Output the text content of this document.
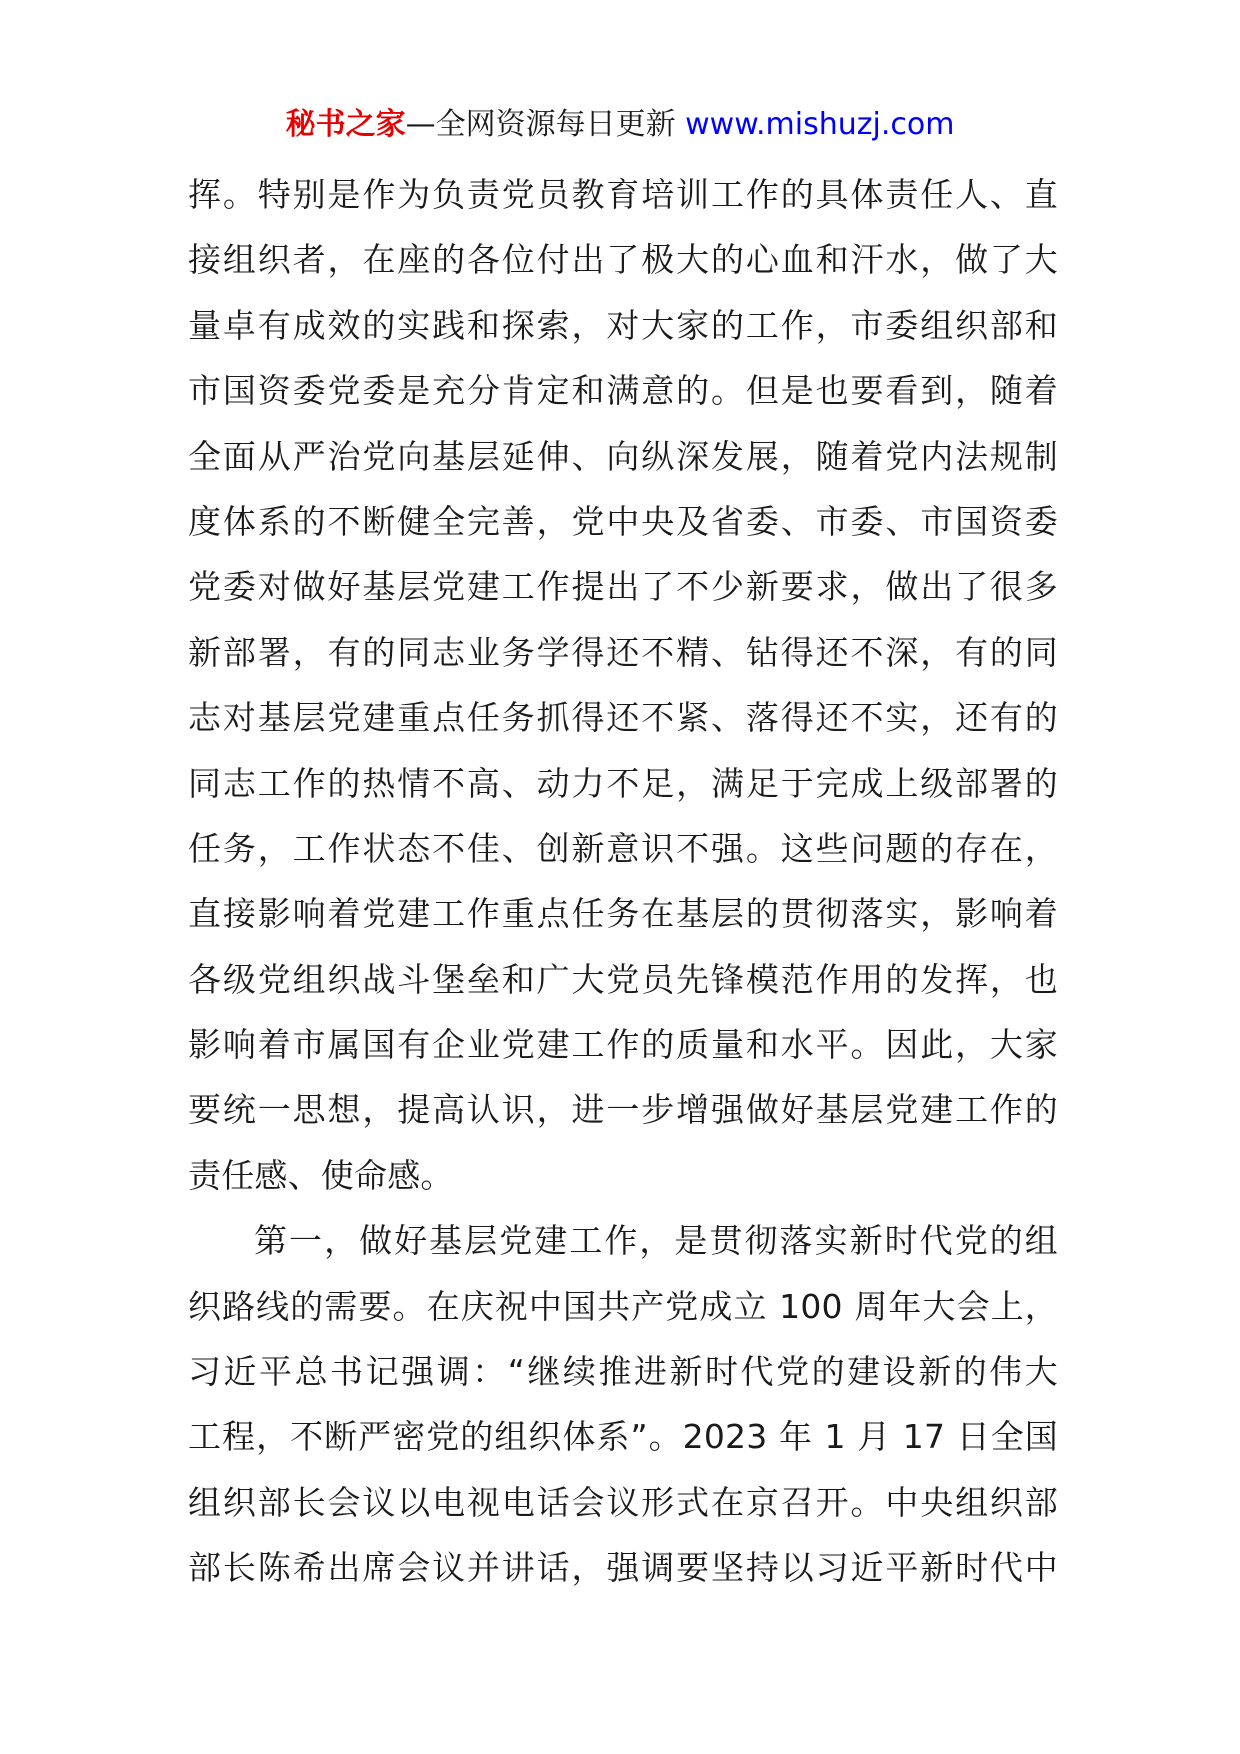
秘书之家—全网资源每日更新 www.mishuzj.com
挥。特别是作为负责党员教育培训工作的具体责任人、直
接组织者，在座的各位付出了极大的心血和汗水，做了大
量卓有成效的实践和探索，对大家的工作，市委组织部和
市国资委党委是充分肯定和满意的。但是也要看到，随着
全面从严治党向基层延伸、向纵深发展，随着党内法规制
度体系的不断健全完善，党中央及省委、市委、市国资委
党委对做好基层党建工作提出了不少新要求，做出了很多
新部署，有的同志业务学得还不精、钻得还不深，有的同
志对基层党建重点任务抓得还不紧、落得还不实，还有的
同志工作的热情不高、动力不足，满足于完成上级部署的
任务，工作状态不佳、创新意识不强。这些问题的存在，
直接影响着党建工作重点任务在基层的贯彻落实，影响着
各级党组织战斗堡垒和广大党员先锋模范作用的发挥，也
影响着市属国有企业党建工作的质量和水平。因此，大家
要统一思想，提高认识，进一步增强做好基层党建工作的
责任感、使命感。
第一，做好基层党建工作，是贯彻落实新时代党的组
织路线的需要。在庆祝中国共产党成立 100 周年大会上，
习近平总书记强调：“继续推进新时代党的建设新的伟大
工程，不断严密党的组织体系”。2023 年 1 月 17 日全国
组织部长会议以电视电话会议形式在京召开。中央组织部
部长陈希出席会议并讲话，强调要坚持以习近平新时代中
